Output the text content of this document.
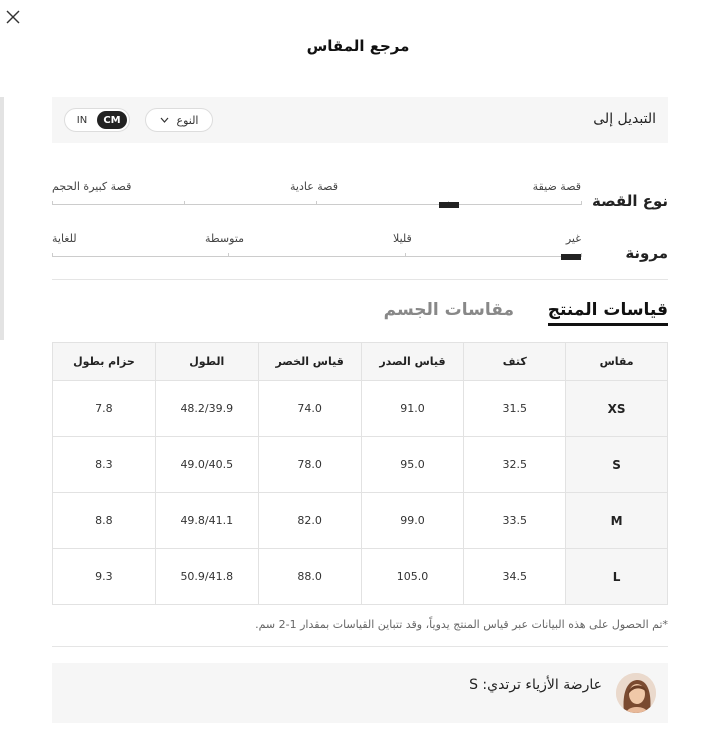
مرجع المقاس
التبديل إلى
النوع
IN	CM
نوع القصة
قصة ضيقة
قصة عادية
قصة كبيرة الحجم
مرونة
غير
قليلا
متوسطة
للغاية
قياسات المنتج
مقاسات الجسم
مقاس	كتف	قياس الصدر	قياس الخصر	الطول	حزام بطول
XS	31.5	91.0	74.0	48.2/39.9	7.8
S	32.5	95.0	78.0	49.0/40.5	8.3
M	33.5	99.0	82.0	49.8/41.1	8.8
L	34.5	105.0	88.0	50.9/41.8	9.3
*تم الحصول على هذه البيانات عبر قياس المنتج يدوياً، وقد تتباين القياسات بمقدار 1-2 سم.
عارضة الأزياء ترتدي: S
